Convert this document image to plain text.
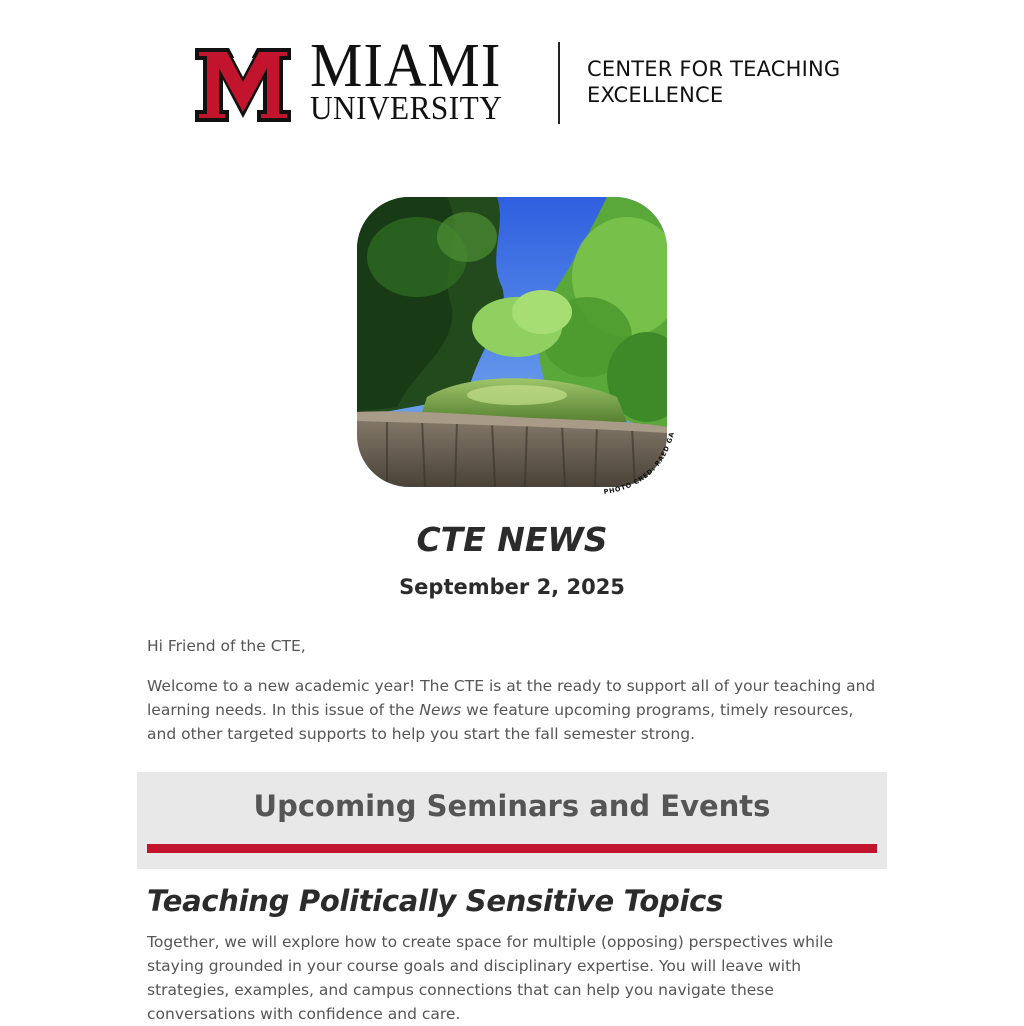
MIAMI
UNIVERSITY
CENTER FOR TEACHING
EXCELLENCE
PHOTO CRED: RAED GA
CTE NEWS
September 2, 2025

Hi Friend of the CTE,

Welcome to a new academic year! The CTE is at the ready to support all of your teaching and learning needs. In this issue of the News we feature upcoming programs, timely resources, and other targeted supports to help you start the fall semester strong.

Upcoming Seminars and Events
Teaching Politically Sensitive Topics

Together, we will explore how to create space for multiple (opposing) perspectives while staying grounded in your course goals and disciplinary expertise. You will leave with strategies, examples, and campus connections that can help you navigate these conversations with confidence and care.
